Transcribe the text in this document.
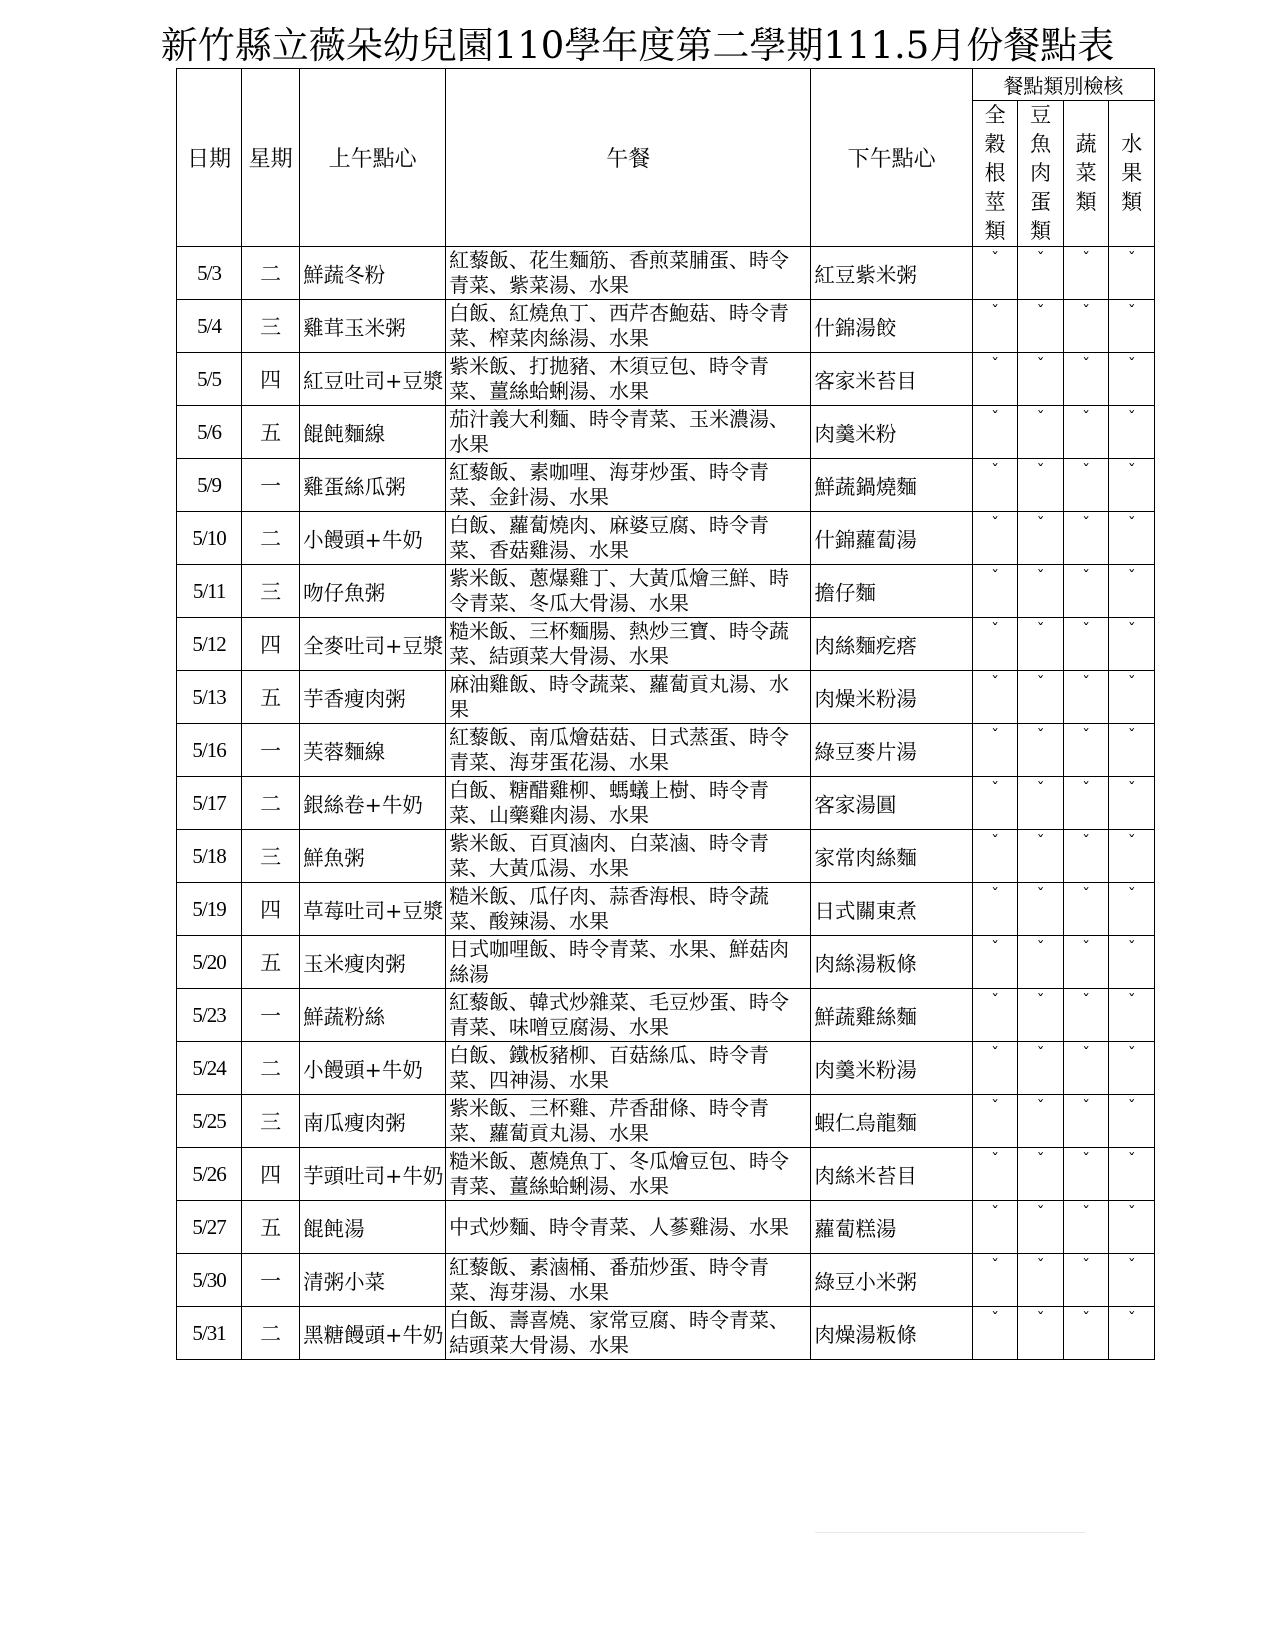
新竹縣立薇朵幼兒園110學年度第二學期111.5月份餐點表
日期	星期	上午點心	午餐	下午點心	餐點類別檢核			

					全穀根莖類	豆魚肉蛋類	蔬菜類	水果類

5/3	二	鮮蔬冬粉	紅藜飯、花生麵筋、香煎菜脯蛋、時令青菜、紫菜湯、水果	紅豆紫米粥	ˇ	ˇ	ˇ	ˇ
5/4	三	雞茸玉米粥	白飯、紅燒魚丁、西芹杏鮑菇、時令青菜、榨菜肉絲湯、水果	什錦湯餃	ˇ	ˇ	ˇ	ˇ
5/5	四	紅豆吐司+豆漿	紫米飯、打拋豬、木須豆包、時令青菜、薑絲蛤蜊湯、水果	客家米苔目	ˇ	ˇ	ˇ	ˇ
5/6	五	餛飩麵線	茄汁義大利麵、時令青菜、玉米濃湯、水果	肉羹米粉	ˇ	ˇ	ˇ	ˇ
5/9	一	雞蛋絲瓜粥	紅藜飯、素咖哩、海芽炒蛋、時令青菜、金針湯、水果	鮮蔬鍋燒麵	ˇ	ˇ	ˇ	ˇ
5/10	二	小饅頭+牛奶	白飯、蘿蔔燒肉、麻婆豆腐、時令青菜、香菇雞湯、水果	什錦蘿蔔湯	ˇ	ˇ	ˇ	ˇ
5/11	三	吻仔魚粥	紫米飯、蔥爆雞丁、大黃瓜燴三鮮、時令青菜、冬瓜大骨湯、水果	擔仔麵	ˇ	ˇ	ˇ	ˇ
5/12	四	全麥吐司+豆漿	糙米飯、三杯麵腸、熱炒三寶、時令蔬菜、結頭菜大骨湯、水果	肉絲麵疙瘩	ˇ	ˇ	ˇ	ˇ
5/13	五	芋香瘦肉粥	麻油雞飯、時令蔬菜、蘿蔔貢丸湯、水果	肉燥米粉湯	ˇ	ˇ	ˇ	ˇ
5/16	一	芙蓉麵線	紅藜飯、南瓜燴菇菇、日式蒸蛋、時令青菜、海芽蛋花湯、水果	綠豆麥片湯	ˇ	ˇ	ˇ	ˇ
5/17	二	銀絲卷+牛奶	白飯、糖醋雞柳、螞蟻上樹、時令青菜、山藥雞肉湯、水果	客家湯圓	ˇ	ˇ	ˇ	ˇ
5/18	三	鮮魚粥	紫米飯、百頁滷肉、白菜滷、時令青菜、大黃瓜湯、水果	家常肉絲麵	ˇ	ˇ	ˇ	ˇ
5/19	四	草莓吐司+豆漿	糙米飯、瓜仔肉、蒜香海根、時令蔬菜、酸辣湯、水果	日式關東煮	ˇ	ˇ	ˇ	ˇ
5/20	五	玉米瘦肉粥	日式咖哩飯、時令青菜、水果、鮮菇肉絲湯	肉絲湯粄條	ˇ	ˇ	ˇ	ˇ
5/23	一	鮮蔬粉絲	紅藜飯、韓式炒雜菜、毛豆炒蛋、時令青菜、味噌豆腐湯、水果	鮮蔬雞絲麵	ˇ	ˇ	ˇ	ˇ
5/24	二	小饅頭+牛奶	白飯、鐵板豬柳、百菇絲瓜、時令青菜、四神湯、水果	肉羹米粉湯	ˇ	ˇ	ˇ	ˇ
5/25	三	南瓜瘦肉粥	紫米飯、三杯雞、芹香甜條、時令青菜、蘿蔔貢丸湯、水果	蝦仁烏龍麵	ˇ	ˇ	ˇ	ˇ
5/26	四	芋頭吐司+牛奶	糙米飯、蔥燒魚丁、冬瓜燴豆包、時令青菜、薑絲蛤蜊湯、水果	肉絲米苔目	ˇ	ˇ	ˇ	ˇ
5/27	五	餛飩湯	中式炒麵、時令青菜、人蔘雞湯、水果	蘿蔔糕湯	ˇ	ˇ	ˇ	ˇ
5/30	一	清粥小菜	紅藜飯、素滷桶、番茄炒蛋、時令青菜、海芽湯、水果	綠豆小米粥	ˇ	ˇ	ˇ	ˇ
5/31	二	黑糖饅頭+牛奶	白飯、壽喜燒、家常豆腐、時令青菜、結頭菜大骨湯、水果	肉燥湯粄條	ˇ	ˇ	ˇ	ˇ
